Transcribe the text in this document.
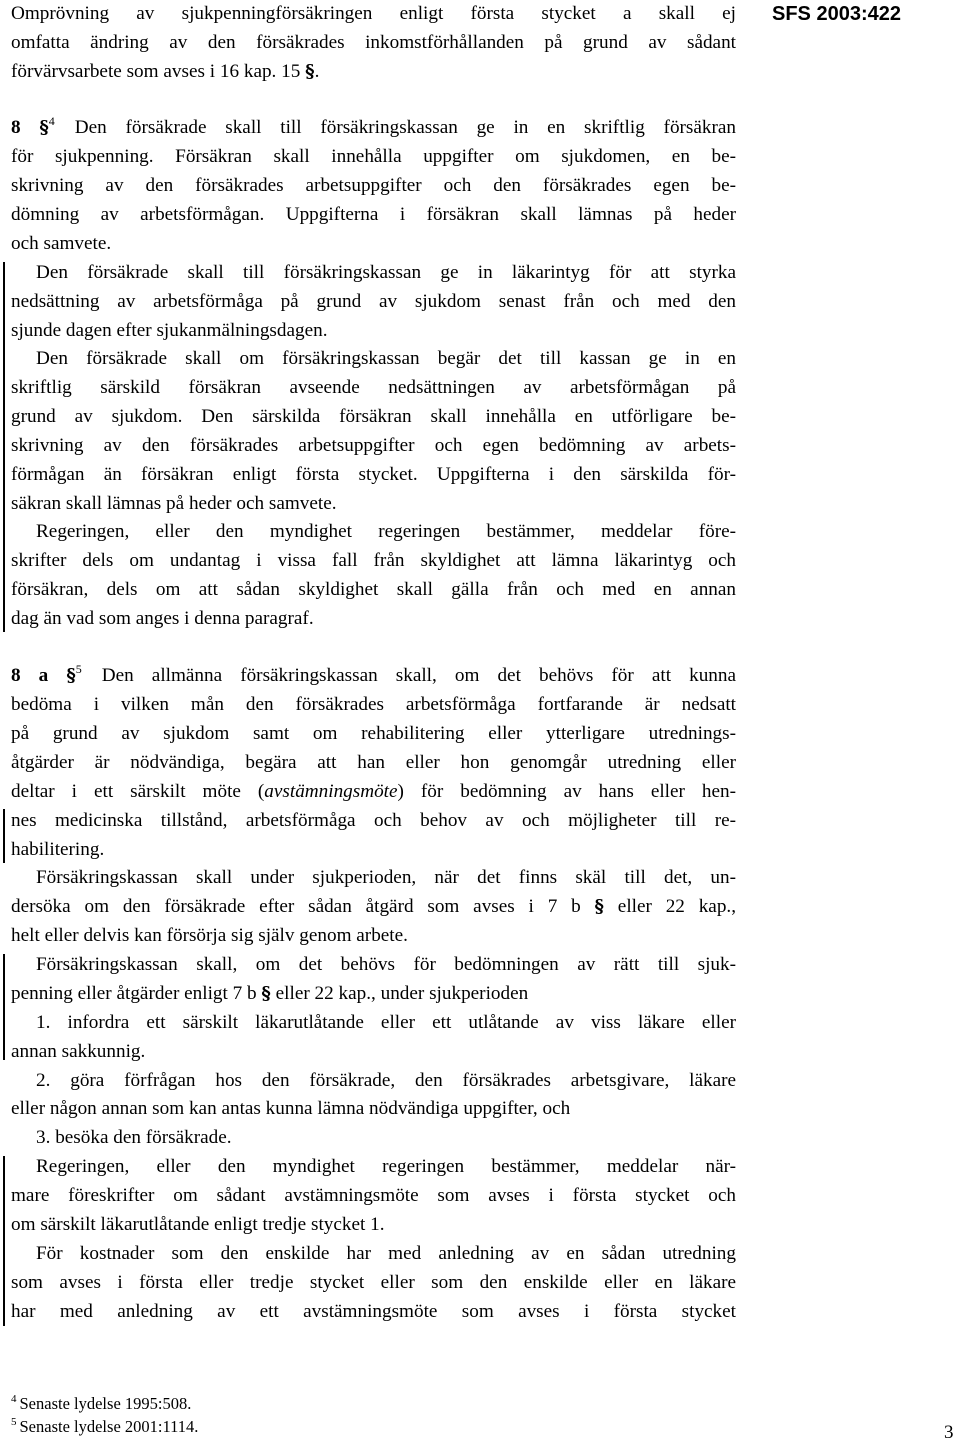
SFS 2003:422
Omprövning av sjukpenningförsäkringen enligt första stycket a skall ej
omfatta ändring av den försäkrades inkomstförhållanden på grund av sådant
förvärvsarbete som avses i 16 kap. 15 §.
8 §$^4$ Den försäkrade skall till försäkringskassan ge in en skriftlig försäkran
för sjukpenning. Försäkran skall innehålla uppgifter om sjukdomen, en be-
skrivning av den försäkrades arbetsuppgifter och den försäkrades egen be-
dömning av arbetsförmågan. Uppgifterna i försäkran skall lämnas på heder
och samvete.
Den försäkrade skall till försäkringskassan ge in läkarintyg för att styrka
nedsättning av arbetsförmåga på grund av sjukdom senast från och med den
sjunde dagen efter sjukanmälningsdagen.
Den försäkrade skall om försäkringskassan begär det till kassan ge in en
skriftlig särskild försäkran avseende nedsättningen av arbetsförmågan på
grund av sjukdom. Den särskilda försäkran skall innehålla en utförligare be-
skrivning av den försäkrades arbetsuppgifter och egen bedömning av arbets-
förmågan än försäkran enligt första stycket. Uppgifterna i den särskilda för-
säkran skall lämnas på heder och samvete.
Regeringen, eller den myndighet regeringen bestämmer, meddelar före-
skrifter dels om undantag i vissa fall från skyldighet att lämna läkarintyg och
försäkran, dels om att sådan skyldighet skall gälla från och med en annan
dag än vad som anges i denna paragraf.
8 a §$^5$ Den allmänna försäkringskassan skall, om det behövs för att kunna
bedöma i vilken mån den försäkrades arbetsförmåga fortfarande är nedsatt
på grund av sjukdom samt om rehabilitering eller ytterligare utrednings-
åtgärder är nödvändiga, begära att han eller hon genomgår utredning eller
deltar i ett särskilt möte (avstämningsmöte) för bedömning av hans eller hen-
nes medicinska tillstånd, arbetsförmåga och behov av och möjligheter till re-
habilitering.
Försäkringskassan skall under sjukperioden, när det finns skäl till det, un-
dersöka om den försäkrade efter sådan åtgärd som avses i 7 b § eller 22 kap.,
helt eller delvis kan försörja sig själv genom arbete.
Försäkringskassan skall, om det behövs för bedömningen av rätt till sjuk-
penning eller åtgärder enligt 7 b § eller 22 kap., under sjukperioden
1. infordra ett särskilt läkarutlåtande eller ett utlåtande av viss läkare eller
annan sakkunnig.
2. göra förfrågan hos den försäkrade, den försäkrades arbetsgivare, läkare
eller någon annan som kan antas kunna lämna nödvändiga uppgifter, och
3. besöka den försäkrade.
Regeringen, eller den myndighet regeringen bestämmer, meddelar när-
mare föreskrifter om sådant avstämningsmöte som avses i första stycket och
om särskilt läkarutlåtande enligt tredje stycket 1.
För kostnader som den enskilde har med anledning av en sådan utredning
som avses i första eller tredje stycket eller som den enskilde eller en läkare
har med anledning av ett avstämningsmöte som avses i första stycket
$^4$ Senaste lydelse 1995:508.
$^5$ Senaste lydelse 2001:1114.	3
